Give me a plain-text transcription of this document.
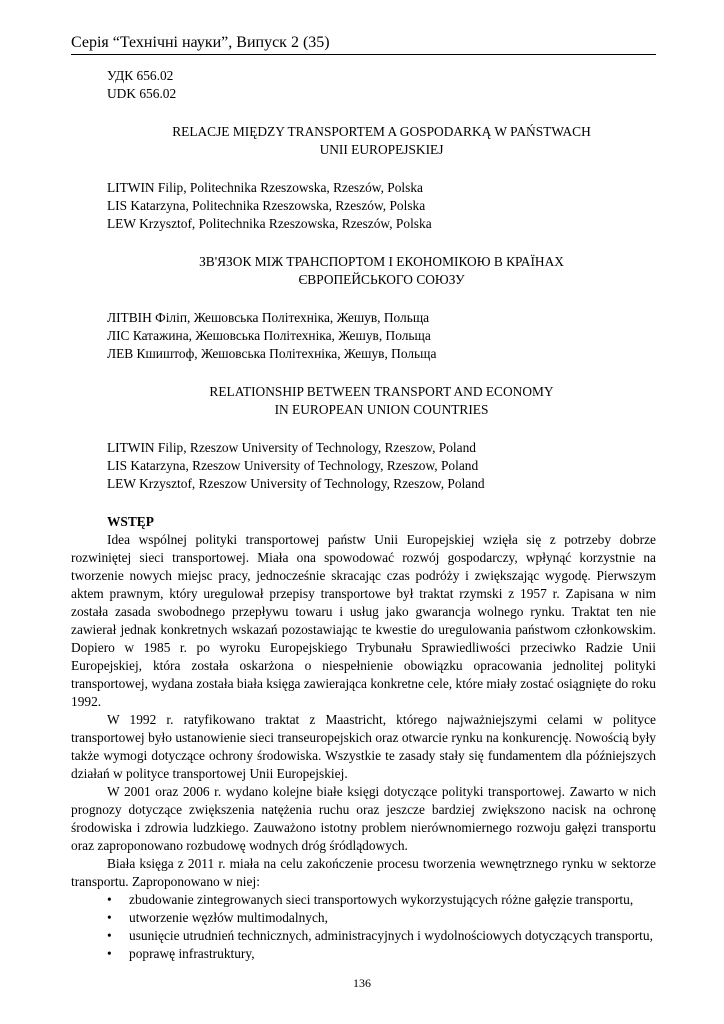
Серія “Технічні науки”, Випуск 2 (35)
УДК 656.02
UDK 656.02
RELACJE MIĘDZY TRANSPORTEM A GOSPODARKĄ W PAŃSTWACH
UNII EUROPEJSKIEJ
LITWIN Filip, Politechnika Rzeszowska, Rzeszów, Polska
LIS Katarzyna, Politechnika Rzeszowska, Rzeszów, Polska
LEW Krzysztof, Politechnika Rzeszowska, Rzeszów, Polska
ЗВ'ЯЗОК МІЖ ТРАНСПОРТОМ І ЕКОНОМІКОЮ В КРАЇНАХ
ЄВРОПЕЙСЬКОГО СОЮЗУ
ЛІТВІН Філіп, Жешовська Політехніка, Жешув, Польща
ЛІС Катажина, Жешовська Політехніка, Жешув, Польща
ЛЕВ Кшиштоф, Жешовська Політехніка, Жешув, Польща
RELATIONSHIP BETWEEN TRANSPORT AND ECONOMY
IN EUROPEAN UNION COUNTRIES
LITWIN Filip, Rzeszow University of Technology, Rzeszow, Poland
LIS Katarzyna, Rzeszow University of Technology, Rzeszow, Poland
LEW Krzysztof, Rzeszow University of Technology, Rzeszow, Poland
WSTĘP
Idea wspólnej polityki transportowej państw Unii Europejskiej wzięła się z potrzeby dobrze rozwiniętej sieci transportowej. Miała ona spowodować rozwój gospodarczy, wpłynąć korzystnie na tworzenie nowych miejsc pracy, jednocześnie skracając czas podróży i zwiększając wygodę. Pierwszym aktem prawnym, który uregulował przepisy transportowe był traktat rzymski z 1957 r. Zapisana w nim została zasada swobodnego przepływu towaru i usług jako gwarancja wolnego rynku. Traktat ten nie zawierał jednak konkretnych wskazań pozostawiając te kwestie do uregulowania państwom członkowskim. Dopiero w 1985 r. po wyroku Europejskiego Trybunału Sprawiedliwości przeciwko Radzie Unii Europejskiej, która została oskarżona o niespełnienie obowiązku opracowania jednolitej polityki transportowej, wydana została biała księga zawierająca konkretne cele, które miały zostać osiągnięte do roku 1992.
W 1992 r. ratyfikowano traktat z Maastricht, którego najważniejszymi celami w polityce transportowej było ustanowienie sieci transeuropejskich oraz otwarcie rynku na konkurencję. Nowością były także wymogi dotyczące ochrony środowiska. Wszystkie te zasady stały się fundamentem dla późniejszych działań w polityce transportowej Unii Europejskiej.
W 2001 oraz 2006 r. wydano kolejne białe księgi dotyczące polityki transportowej. Zawarto w nich prognozy dotyczące zwiększenia natężenia ruchu oraz jeszcze bardziej zwiększono nacisk na ochronę środowiska i zdrowia ludzkiego. Zauważono istotny problem nierównomiernego rozwoju gałęzi transportu oraz zaproponowano rozbudowę wodnych dróg śródlądowych.
Biała księga z 2011 r. miała na celu zakończenie procesu tworzenia wewnętrznego rynku w sektorze transportu. Zaproponowano w niej:
• zbudowanie zintegrowanych sieci transportowych wykorzystujących różne gałęzie transportu,
• utworzenie węzłów multimodalnych,
• usunięcie utrudnień technicznych, administracyjnych i wydolnościowych dotyczących transportu,
• poprawę infrastruktury,
136
